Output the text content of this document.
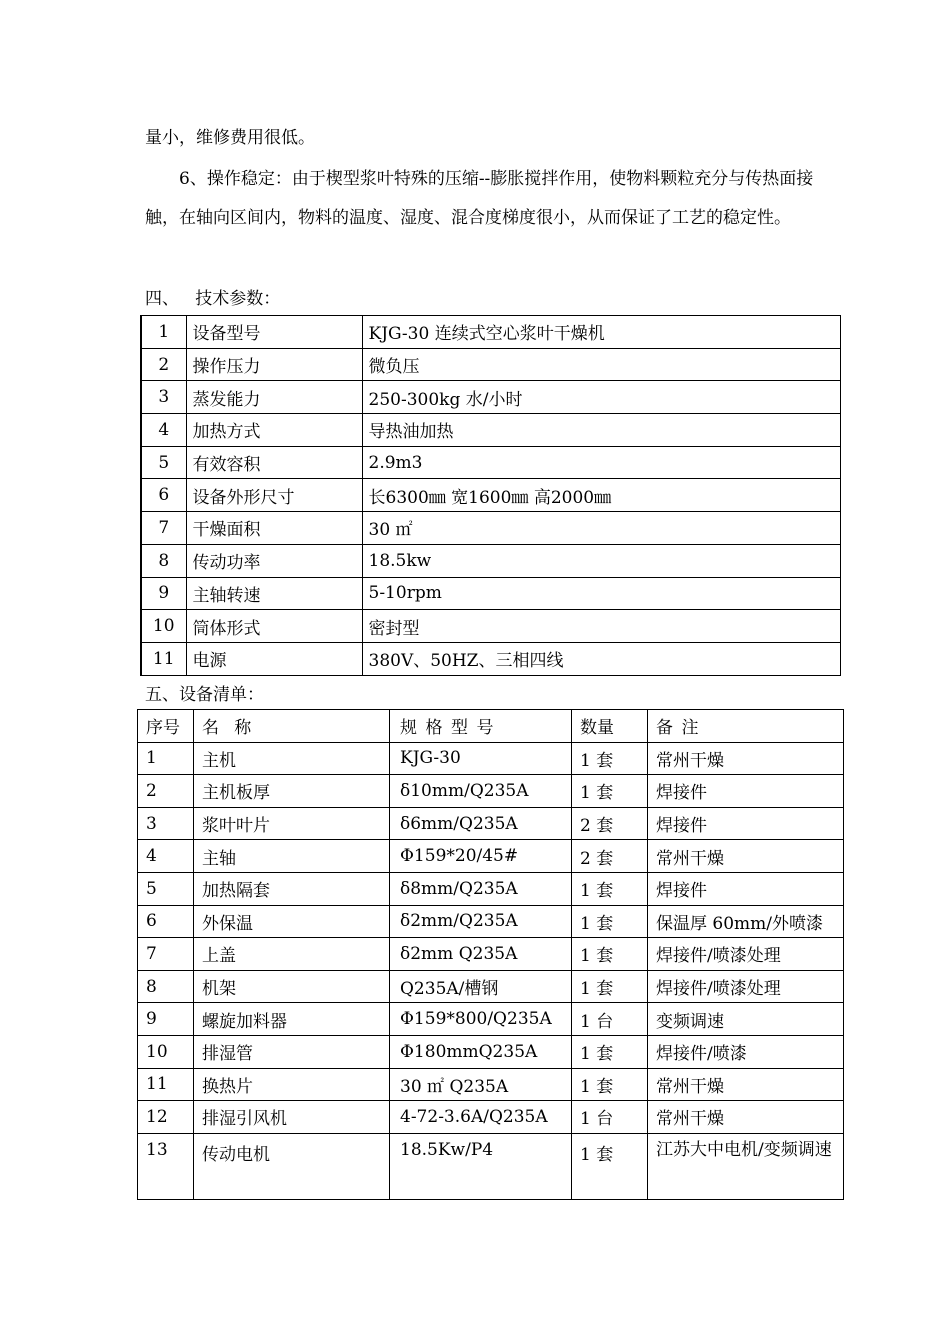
量小，维修费用很低。

6、操作稳定：由于楔型浆叶特殊的压缩--膨胀搅拌作用，使物料颗粒充分与传热面接触，在轴向区间内，物料的温度、湿度、混合度梯度很小，从而保证了工艺的稳定性。

四、   技术参数：

1	设备型号	KJG-30 连续式空心浆叶干燥机
2	操作压力	微负压
3	蒸发能力	250-300kg 水/小时
4	加热方式	导热油加热
5	有效容积	2.9m3
6	设备外形尺寸	长6300㎜ 宽1600㎜ 高2000㎜
7	干燥面积	30 ㎡
8	传动功率	18.5kw
9	主轴转速	5-10rpm
10	筒体形式	密封型
11	电源	380V、50HZ、三相四线

五、设备清单：

序号	名称	规格型号	数量	备注
1	主机	KJG-30	1 套	常州干燥
2	主机板厚	δ10mm/Q235A	1 套	焊接件
3	浆叶叶片	δ6mm/Q235A	2 套	焊接件
4	主轴	Φ159*20/45#	2 套	常州干燥
5	加热隔套	δ8mm/Q235A	1 套	焊接件
6	外保温	δ2mm/Q235A	1 套	保温厚 60mm/外喷漆
7	上盖	δ2mm Q235A	1 套	焊接件/喷漆处理
8	机架	Q235A/槽钢	1 套	焊接件/喷漆处理
9	螺旋加料器	Φ159*800/Q235A	1 台	变频调速
10	排湿管	Φ180mmQ235A	1 套	焊接件/喷漆
11	换热片	30 ㎡ Q235A	1 套	常州干燥
12	排湿引风机	4-72-3.6A/Q235A	1 台	常州干燥
13	传动电机	18.5Kw/P4	1 套	江苏大中电机/变频调速
